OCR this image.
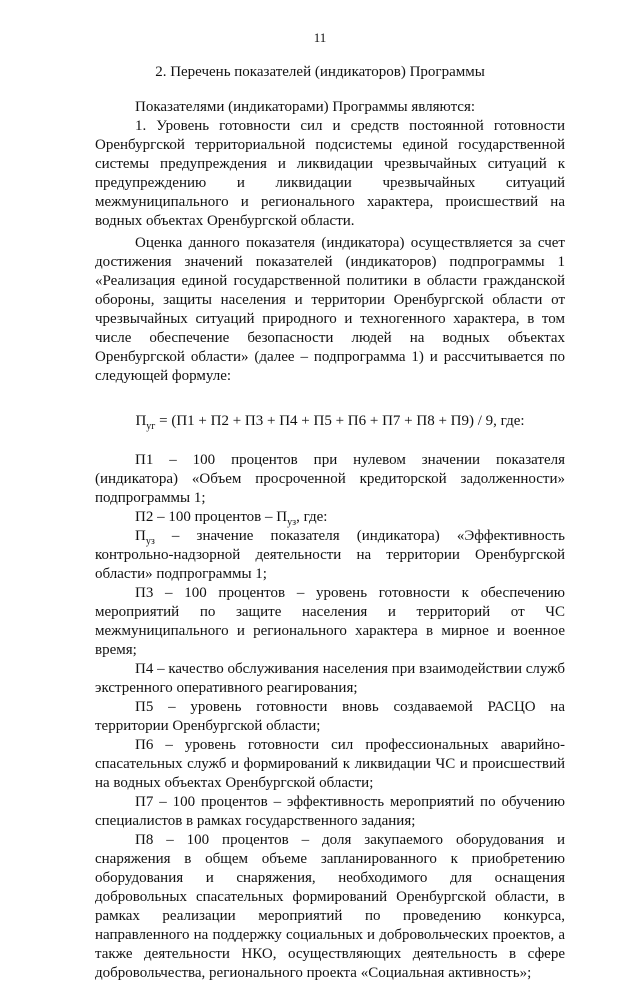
11
2. Перечень показателей (индикаторов) Программы

Показателями (индикаторами) Программы являются:

1. Уровень готовности сил и средств постоянной готовности Оренбургской территориальной подсистемы единой государственной системы предупреждения и ликвидации чрезвычайных ситуаций к предупреждению и ликвидации чрезвычайных ситуаций межмуниципального и регионального характера, происшествий на водных объектах Оренбургской области.

Оценка данного показателя (индикатора) осуществляется за счет достижения значений показателей (индикаторов) подпрограммы 1 «Реализация единой государственной политики в области гражданской обороны, защиты населения и территории Оренбургской области от чрезвычайных ситуаций природного и техногенного характера, в том числе обеспечение безопасности людей на водных объектах Оренбургской области» (далее – подпрограмма 1) и рассчитывается по следующей формуле:

$П_{уг} = (П1 + П2 + П3 + П4 + П5 + П6 + П7 + П8 + П9) / 9$, где:

П1 – 100 процентов при нулевом значении показателя (индикатора) «Объем просроченной кредиторской задолженности» подпрограммы 1;

П2 – 100 процентов – $П_{уз}$, где:

$П_{уз}$ – значение показателя (индикатора) «Эффективность контрольно-надзорной деятельности на территории Оренбургской области» подпрограммы 1;

П3 – 100 процентов – уровень готовности к обеспечению мероприятий по защите населения и территорий от ЧС межмуниципального и регионального характера в мирное и военное время;

П4 – качество обслуживания населения при взаимодействии служб экстренного оперативного реагирования;

П5 – уровень готовности вновь создаваемой РАСЦО на территории Оренбургской области;

П6 – уровень готовности сил профессиональных аварийно-спасательных служб и формирований к ликвидации ЧС и происшествий на водных объектах Оренбургской области;

П7 – 100 процентов – эффективность мероприятий по обучению специалистов в рамках государственного задания;

П8 – 100 процентов – доля закупаемого оборудования и снаряжения в общем объеме запланированного к приобретению оборудования и снаряжения, необходимого для оснащения добровольных спасательных формирований Оренбургской области, в рамках реализации мероприятий по проведению конкурса, направленного на поддержку социальных и добровольческих проектов, а также деятельности НКО, осуществляющих деятельность в сфере добровольчества, регионального проекта «Социальная активность»;
